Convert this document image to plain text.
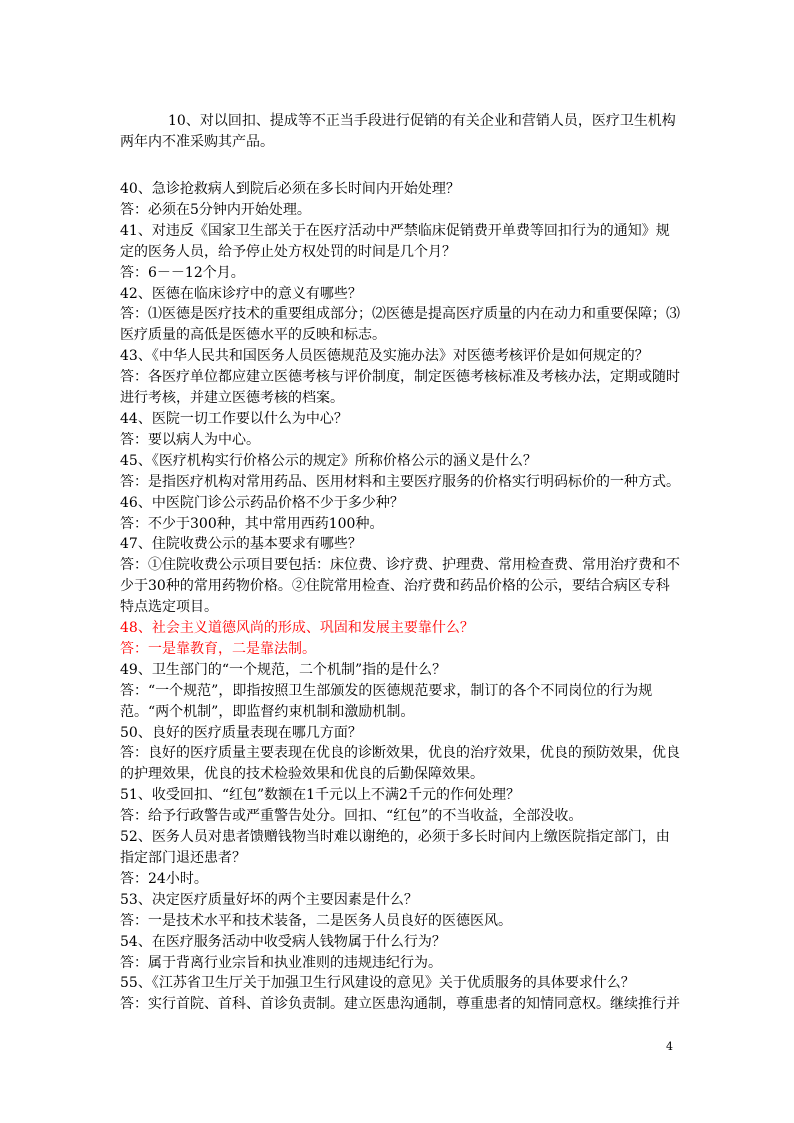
10、对以回扣、提成等不正当手段进行促销的有关企业和营销人员，医疗卫生机构两年内不准采购其产品。

40、急诊抢救病人到院后必须在多长时间内开始处理？

答：必须在5分钟内开始处理。

41、对违反《国家卫生部关于在医疗活动中严禁临床促销费开单费等回扣行为的通知》规定的医务人员，给予停止处方权处罚的时间是几个月？

答：6－－12个月。

42、医德在临床诊疗中的意义有哪些？

答：⑴医德是医疗技术的重要组成部分；⑵医德是提高医疗质量的内在动力和重要保障；⑶医疗质量的高低是医德水平的反映和标志。

43、《中华人民共和国医务人员医德规范及实施办法》对医德考核评价是如何规定的？

答：各医疗单位都应建立医德考核与评价制度，制定医德考核标准及考核办法，定期或随时进行考核，并建立医德考核的档案。

44、医院一切工作要以什么为中心？

答：要以病人为中心。

45、《医疗机构实行价格公示的规定》所称价格公示的涵义是什么？

答：是指医疗机构对常用药品、医用材料和主要医疗服务的价格实行明码标价的一种方式。

46、中医院门诊公示药品价格不少于多少种？

答：不少于300种，其中常用西药100种。

47、住院收费公示的基本要求有哪些？

答：①住院收费公示项目要包括：床位费、诊疗费、护理费、常用检查费、常用治疗费和不少于30种的常用药物价格。②住院常用检查、治疗费和药品价格的公示，要结合病区专科特点选定项目。

48、社会主义道德风尚的形成、巩固和发展主要靠什么？

答：一是靠教育，二是靠法制。

49、卫生部门的“一个规范，二个机制”指的是什么？

答：“一个规范”，即指按照卫生部颁发的医德规范要求，制订的各个不同岗位的行为规范。“两个机制”，即监督约束机制和激励机制。

50、良好的医疗质量表现在哪几方面？

答：良好的医疗质量主要表现在优良的诊断效果，优良的治疗效果，优良的预防效果，优良的护理效果，优良的技术检验效果和优良的后勤保障效果。

51、收受回扣、“红包”数额在1千元以上不满2千元的作何处理？

答：给予行政警告或严重警告处分。回扣、“红包”的不当收益，全部没收。

52、医务人员对患者馈赠钱物当时难以谢绝的，必须于多长时间内上缴医院指定部门，由指定部门退还患者？

答：24小时。

53、决定医疗质量好坏的两个主要因素是什么？

答：一是技术水平和技术装备，二是医务人员良好的医德医风。

54、在医疗服务活动中收受病人钱物属于什么行为？

答：属于背离行业宗旨和执业准则的违规违纪行为。

55、《江苏省卫生厅关于加强卫生行风建设的意见》关于优质服务的具体要求什么？

答：实行首院、首科、首诊负责制。建立医患沟通制，尊重患者的知情同意权。继续推行并

4
